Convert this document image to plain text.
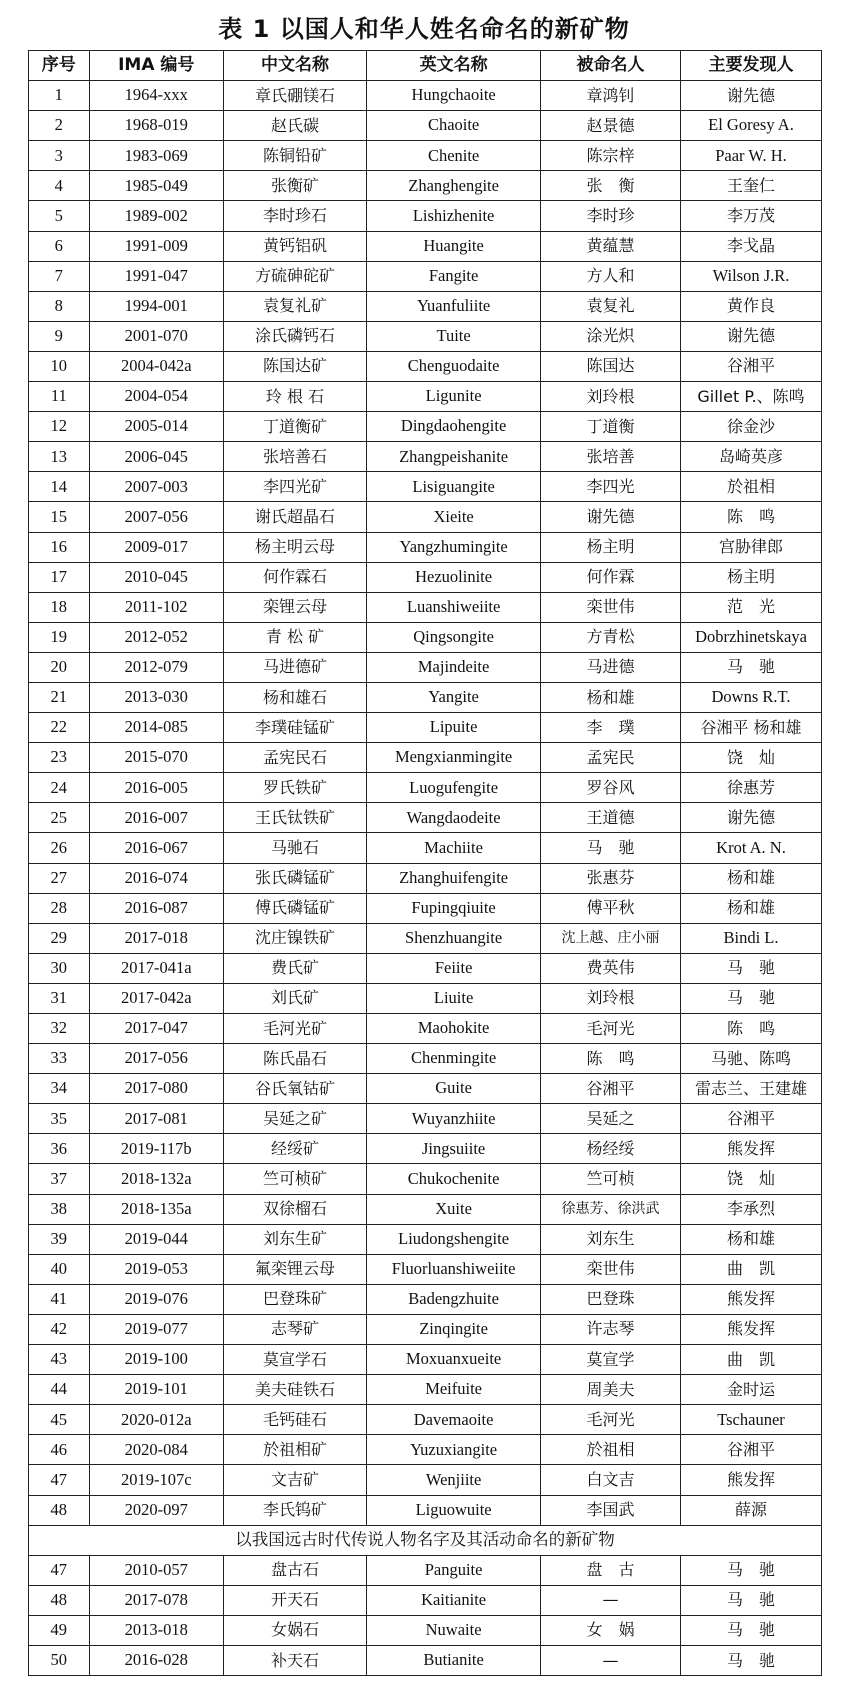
表 1 以国人和华人姓名命名的新矿物
序号	IMA 编号	中文名称	英文名称	被命名人	主要发现人
1	1964-xxx	章氏硼镁石	Hungchaoite	章鸿钊	谢先德
2	1968-019	赵氏碳	Chaoite	赵景德	El Goresy A.
3	1983-069	陈铜铅矿	Chenite	陈宗梓	Paar W. H.
4	1985-049	张衡矿	Zhanghengite	张　衡	王奎仁
5	1989-002	李时珍石	Lishizhenite	李时珍	李万茂
6	1991-009	黄钙铝矾	Huangite	黄蕴慧	李戈晶
7	1991-047	方硫砷砣矿	Fangite	方人和	Wilson J.R.
8	1994-001	袁复礼矿	Yuanfuliite	袁复礼	黄作良
9	2001-070	涂氏磷钙石	Tuite	涂光炽	谢先德
10	2004-042a	陈国达矿	Chenguodaite	陈国达	谷湘平
11	2004-054	玲 根 石	Ligunite	刘玲根	Gillet P.、陈鸣
12	2005-014	丁道衡矿	Dingdaohengite	丁道衡	徐金沙
13	2006-045	张培善石	Zhangpeishanite	张培善	岛崎英彦
14	2007-003	李四光矿	Lisiguangite	李四光	於祖相
15	2007-056	谢氏超晶石	Xieite	谢先德	陈　鸣
16	2009-017	杨主明云母	Yangzhumingite	杨主明	宫胁律郎
17	2010-045	何作霖石	Hezuolinite	何作霖	杨主明
18	2011-102	栾锂云母	Luanshiweiite	栾世伟	范　光
19	2012-052	青 松 矿	Qingsongite	方青松	Dobrzhinetskaya
20	2012-079	马进德矿	Majindeite	马进德	马　驰
21	2013-030	杨和雄石	Yangite	杨和雄	Downs R.T.
22	2014-085	李璞硅锰矿	Lipuite	李　璞	谷湘平 杨和雄
23	2015-070	孟宪民石	Mengxianmingite	孟宪民	饶　灿
24	2016-005	罗氏铁矿	Luogufengite	罗谷风	徐惠芳
25	2016-007	王氏钛铁矿	Wangdaodeite	王道德	谢先德
26	2016-067	马驰石	Machiite	马　驰	Krot A. N.
27	2016-074	张氏磷锰矿	Zhanghuifengite	张惠芬	杨和雄
28	2016-087	傅氏磷锰矿	Fupingqiuite	傅平秋	杨和雄
29	2017-018	沈庄镍铁矿	Shenzhuangite	沈上越、庄小丽	Bindi L.
30	2017-041a	费氏矿	Feiite	费英伟	马　驰
31	2017-042a	刘氏矿	Liuite	刘玲根	马　驰
32	2017-047	毛河光矿	Maohokite	毛河光	陈　鸣
33	2017-056	陈氏晶石	Chenmingite	陈　鸣	马驰、陈鸣
34	2017-080	谷氏氧钴矿	Guite	谷湘平	雷志兰、王建雄
35	2017-081	吴延之矿	Wuyanzhiite	吴延之	谷湘平
36	2019-117b	经绥矿	Jingsuiite	杨经绥	熊发挥
37	2018-132a	竺可桢矿	Chukochenite	竺可桢	饶　灿
38	2018-135a	双徐榴石	Xuite	徐惠芳、徐洪武	李承烈
39	2019-044	刘东生矿	Liudongshengite	刘东生	杨和雄
40	2019-053	氟栾锂云母	Fluorluanshiweiite	栾世伟	曲　凯
41	2019-076	巴登珠矿	Badengzhuite	巴登珠	熊发挥
42	2019-077	志琴矿	Zinqingite	许志琴	熊发挥
43	2019-100	莫宣学石	Moxuanxueite	莫宣学	曲　凯
44	2019-101	美夫硅铁石	Meifuite	周美夫	金时运
45	2020-012a	毛钙硅石	Davemaoite	毛河光	Tschauner
46	2020-084	於祖相矿	Yuzuxiangite	於祖相	谷湘平
47	2019-107c	文吉矿	Wenjiite	白文吉	熊发挥
48	2020-097	李氏钨矿	Liguowuite	李国武	薛源
以我国远古时代传说人物名字及其活动命名的新矿物					
47	2010-057	盘古石	Panguite	盘　古	马　驰
48	2017-078	开天石	Kaitianite	—	马　驰
49	2013-018	女娲石	Nuwaite	女　娲	马　驰
50	2016-028	补天石	Butianite	—	马　驰
